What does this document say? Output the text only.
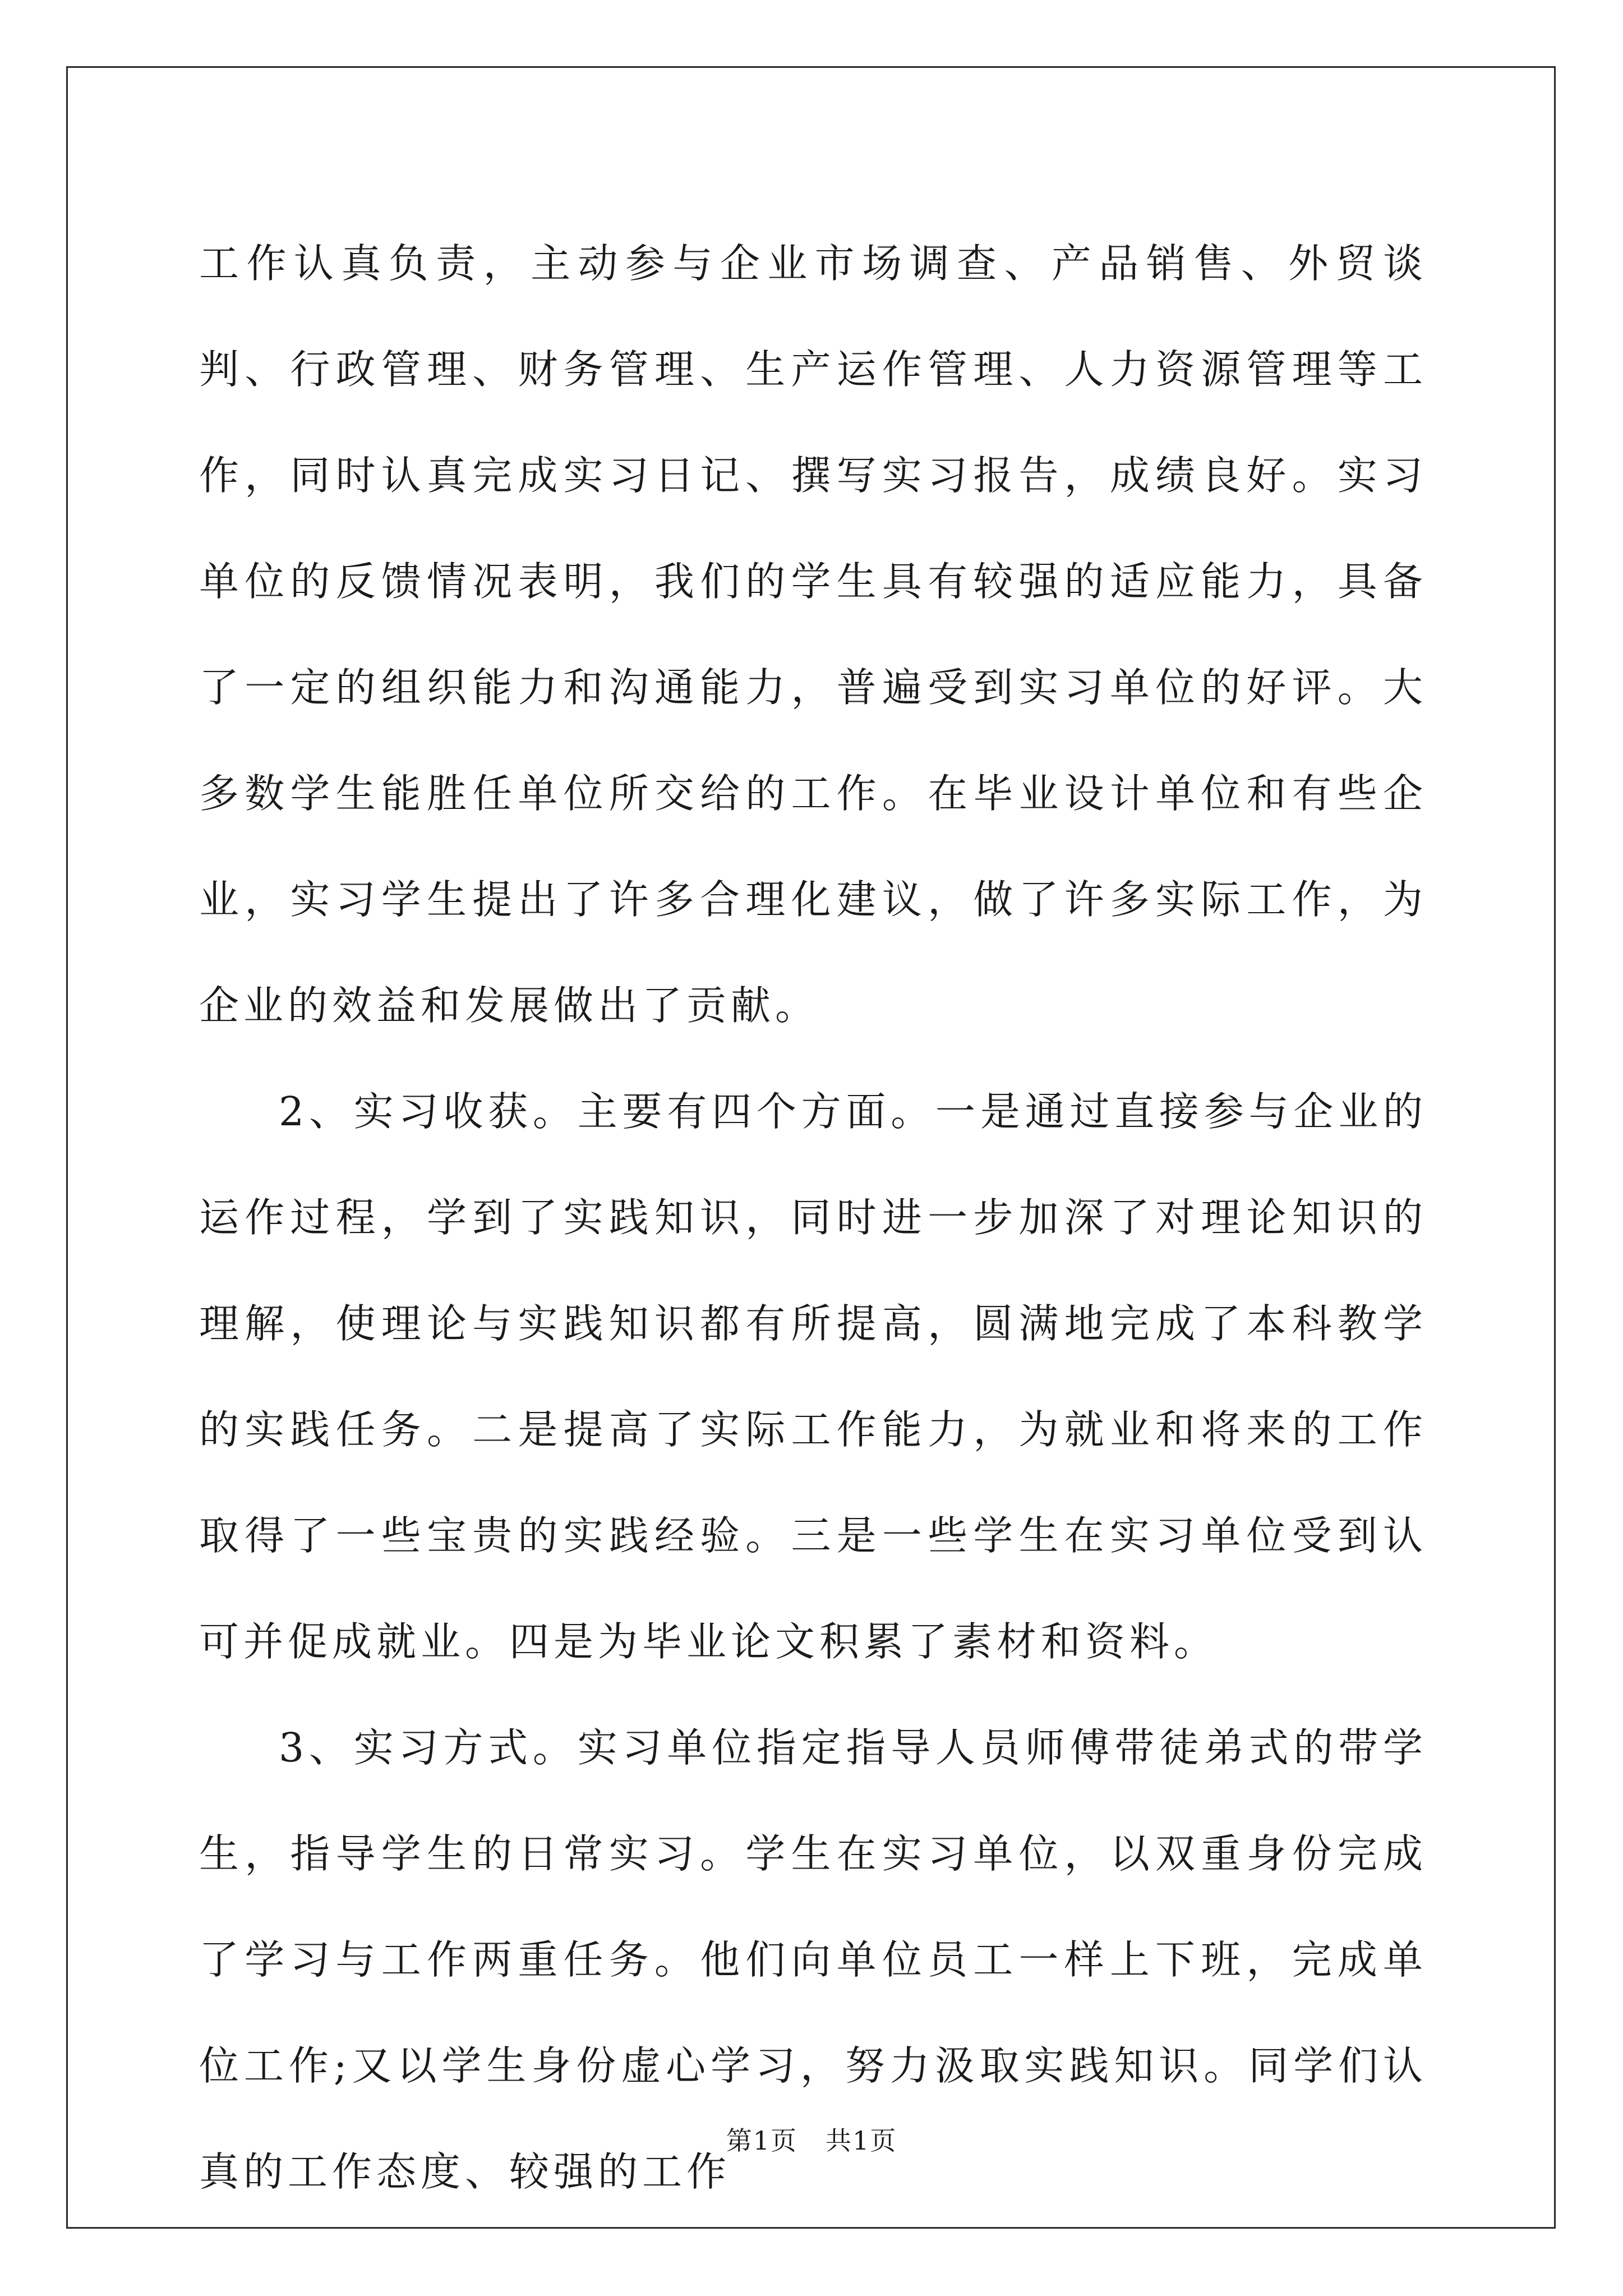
工作认真负责，主动参与企业市场调查、产品销售、外贸谈判、行政管理、财务管理、生产运作管理、人力资源管理等工作，同时认真完成实习日记、撰写实习报告，成绩良好。实习单位的反馈情况表明，我们的学生具有较强的适应能力，具备了一定的组织能力和沟通能力，普遍受到实习单位的好评。大多数学生能胜任单位所交给的工作。在毕业设计单位和有些企业，实习学生提出了许多合理化建议，做了许多实际工作，为企业的效益和发展做出了贡献。

2、实习收获。主要有四个方面。一是通过直接参与企业的运作过程，学到了实践知识，同时进一步加深了对理论知识的理解，使理论与实践知识都有所提高，圆满地完成了本科教学的实践任务。二是提高了实际工作能力，为就业和将来的工作取得了一些宝贵的实践经验。三是一些学生在实习单位受到认可并促成就业。四是为毕业论文积累了素材和资料。

3、实习方式。实习单位指定指导人员师傅带徒弟式的带学生，指导学生的日常实习。学生在实习单位，以双重身份完成了学习与工作两重任务。他们向单位员工一样上下班，完成单位工作;又以学生身份虚心学习，努力汲取实践知识。同学们认真的工作态度、较强的工作

第1页 共1页
